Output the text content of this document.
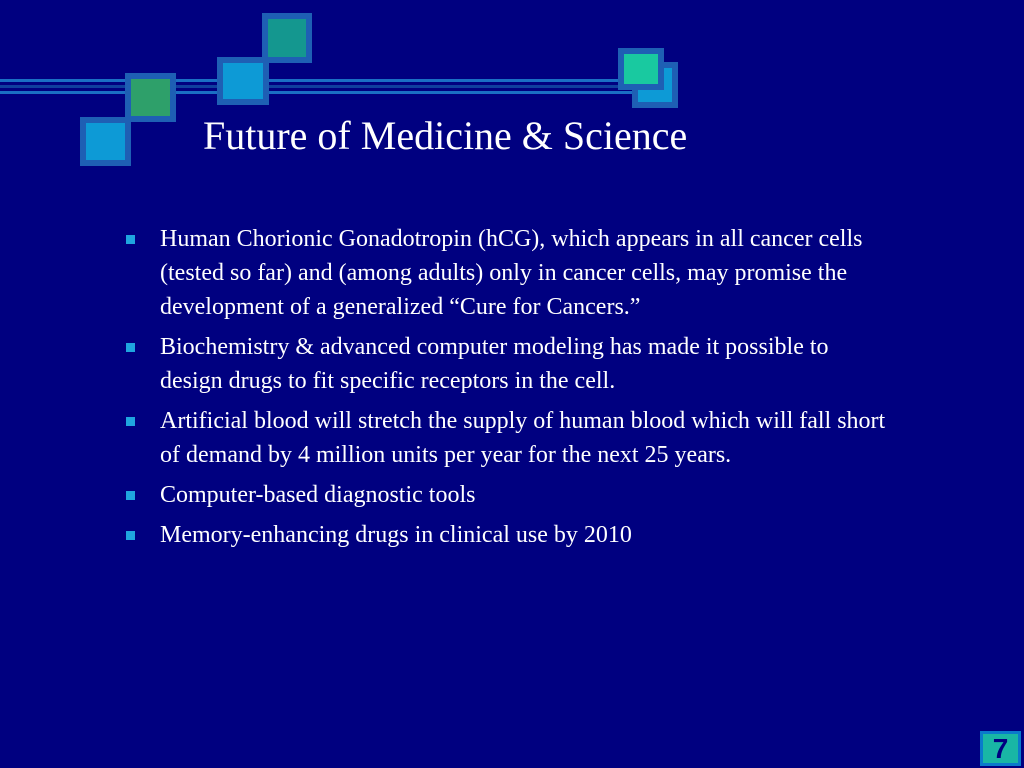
Future of Medicine & Science
Human Chorionic Gonadotropin (hCG), which appears in all cancer cells (tested so far) and (among adults) only in cancer cells, may promise the development of a generalized “Cure for Cancers.”
Biochemistry & advanced computer modeling has made it possible to design drugs to fit specific receptors in the cell.
Artificial blood will stretch the supply of human blood which will fall short of demand by 4 million units per year for the next 25 years.
Computer-based diagnostic tools
Memory-enhancing drugs in clinical use by 2010
7
